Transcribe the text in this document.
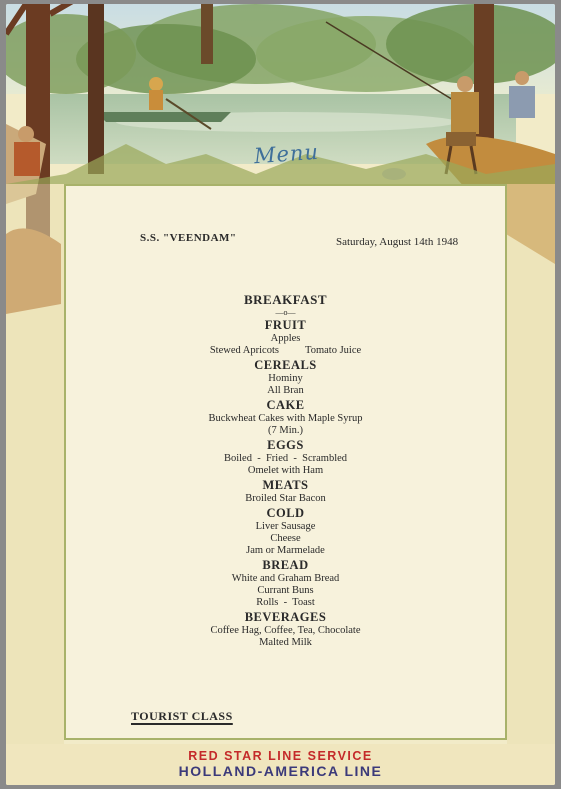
Menu
S.S. "VEENDAM"	Saturday, August 14th 1948
BREAKFAST
—o—
FRUIT
Apples
Stewed Apricots          Tomato Juice
CEREALS
Hominy
All Bran
CAKE
Buckwheat Cakes with Maple Syrup
(7 Min.)
EGGS
Boiled  -  Fried  -  Scrambled
Omelet with Ham
MEATS
Broiled Star Bacon
COLD
Liver Sausage
Cheese
Jam or Marmelade
BREAD
White and Graham Bread
Currant Buns
Rolls  -  Toast
BEVERAGES
Coffee Hag, Coffee, Tea, Chocolate
Malted Milk
TOURIST CLASS
RED STAR LINE SERVICE
HOLLAND-AMERICA LINE
